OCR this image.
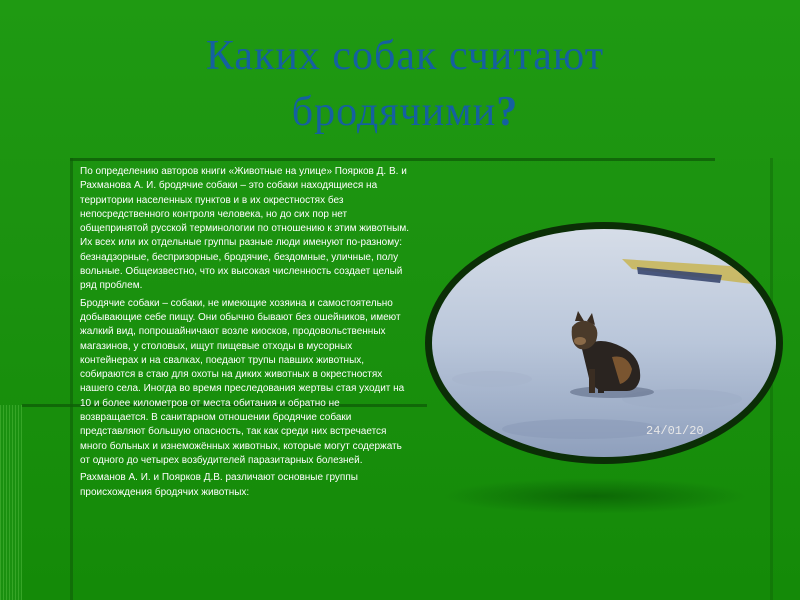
Каких собак считают
бродячими?

По определению авторов книги «Животные на улице» Поярков Д. В. и Рахманова А. И. бродячие собаки – это собаки находящиеся на территории населенных пунктов и в их окрестностях без непосредственного контроля человека, но до сих пор нет общепринятой русской терминологии по отношению к этим животным. Их всех или их отдельные группы разные люди именуют по-разному: безнадзорные, беспризорные, бродячие, бездомные, уличные, полу вольные. Общеизвестно, что их высокая численность создает целый ряд проблем.

Бродячие собаки – собаки, не имеющие хозяина и самостоятельно добывающие себе пищу. Они обычно бывают без ошейников, имеют жалкий вид, попрошайничают возле киосков, продовольственных магазинов, у столовых, ищут пищевые отходы в мусорных контейнерах и на свалках, поедают трупы павших животных, собираются в стаю для охоты на диких животных в окрестностях нашего села. Иногда во время преследования жертвы стая уходит на 10 и более километров от места обитания и обратно не возвращается. В санитарном отношении бродячие собаки представляют большую опасность, так как среди них встречается много больных и изнеможённых животных, которые могут содержать от одного до четырех возбудителей паразитарных болезней.

Рахманов А. И. и Поярков Д.В. различают основные группы происхождения бродячих животных:

24/01/20
